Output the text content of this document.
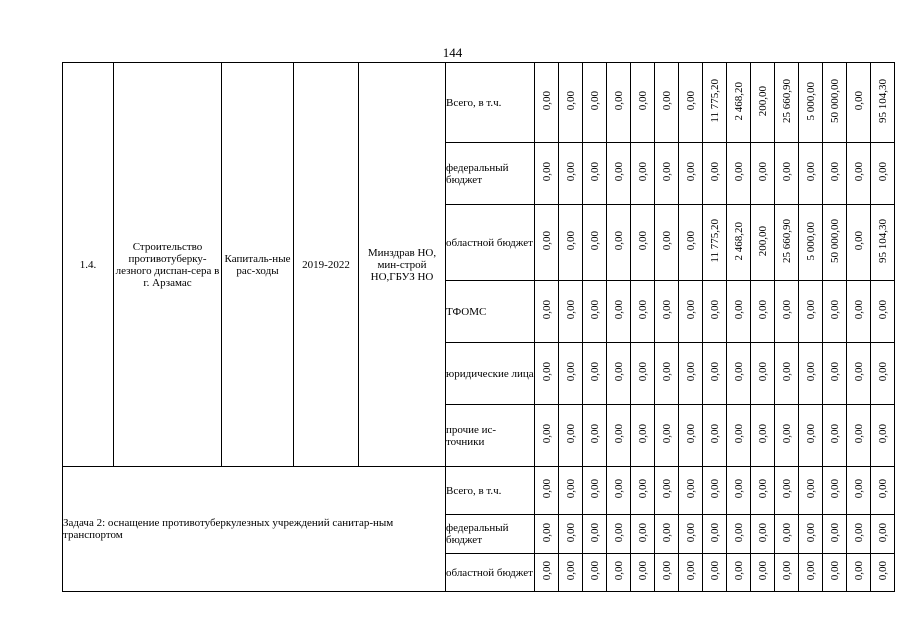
144
1.4.	Строительство противотуберку-лезного диспан-сера в г. Арзамас	Капиталь-ные рас-ходы	2019-2022	Минздрав НО, мин-строй НО,ГБУЗ НО	Всего, в т.ч.	0,00	0,00	0,00	0,00	0,00	0,00	0,00	11 775,20	2 468,20	200,00	25 660,90	5 000,00	50 000,00	0,00	95 104,30
					федеральный бюджет	0,00	0,00	0,00	0,00	0,00	0,00	0,00	0,00	0,00	0,00	0,00	0,00	0,00	0,00	0,00
					областной бюджет	0,00	0,00	0,00	0,00	0,00	0,00	0,00	11 775,20	2 468,20	200,00	25 660,90	5 000,00	50 000,00	0,00	95 104,30
					ТФОМС	0,00	0,00	0,00	0,00	0,00	0,00	0,00	0,00	0,00	0,00	0,00	0,00	0,00	0,00	0,00
					юридические лица	0,00	0,00	0,00	0,00	0,00	0,00	0,00	0,00	0,00	0,00	0,00	0,00	0,00	0,00	0,00
					прочие ис-точники	0,00	0,00	0,00	0,00	0,00	0,00	0,00	0,00	0,00	0,00	0,00	0,00	0,00	0,00	0,00
Задача 2: оснащение противотуберкулезных учреждений санитар-ным транспортом					Всего, в т.ч.	0,00	0,00	0,00	0,00	0,00	0,00	0,00	0,00	0,00	0,00	0,00	0,00	0,00	0,00	0,00
					федеральный бюджет	0,00	0,00	0,00	0,00	0,00	0,00	0,00	0,00	0,00	0,00	0,00	0,00	0,00	0,00	0,00
					областной бюджет	0,00	0,00	0,00	0,00	0,00	0,00	0,00	0,00	0,00	0,00	0,00	0,00	0,00	0,00	0,00
